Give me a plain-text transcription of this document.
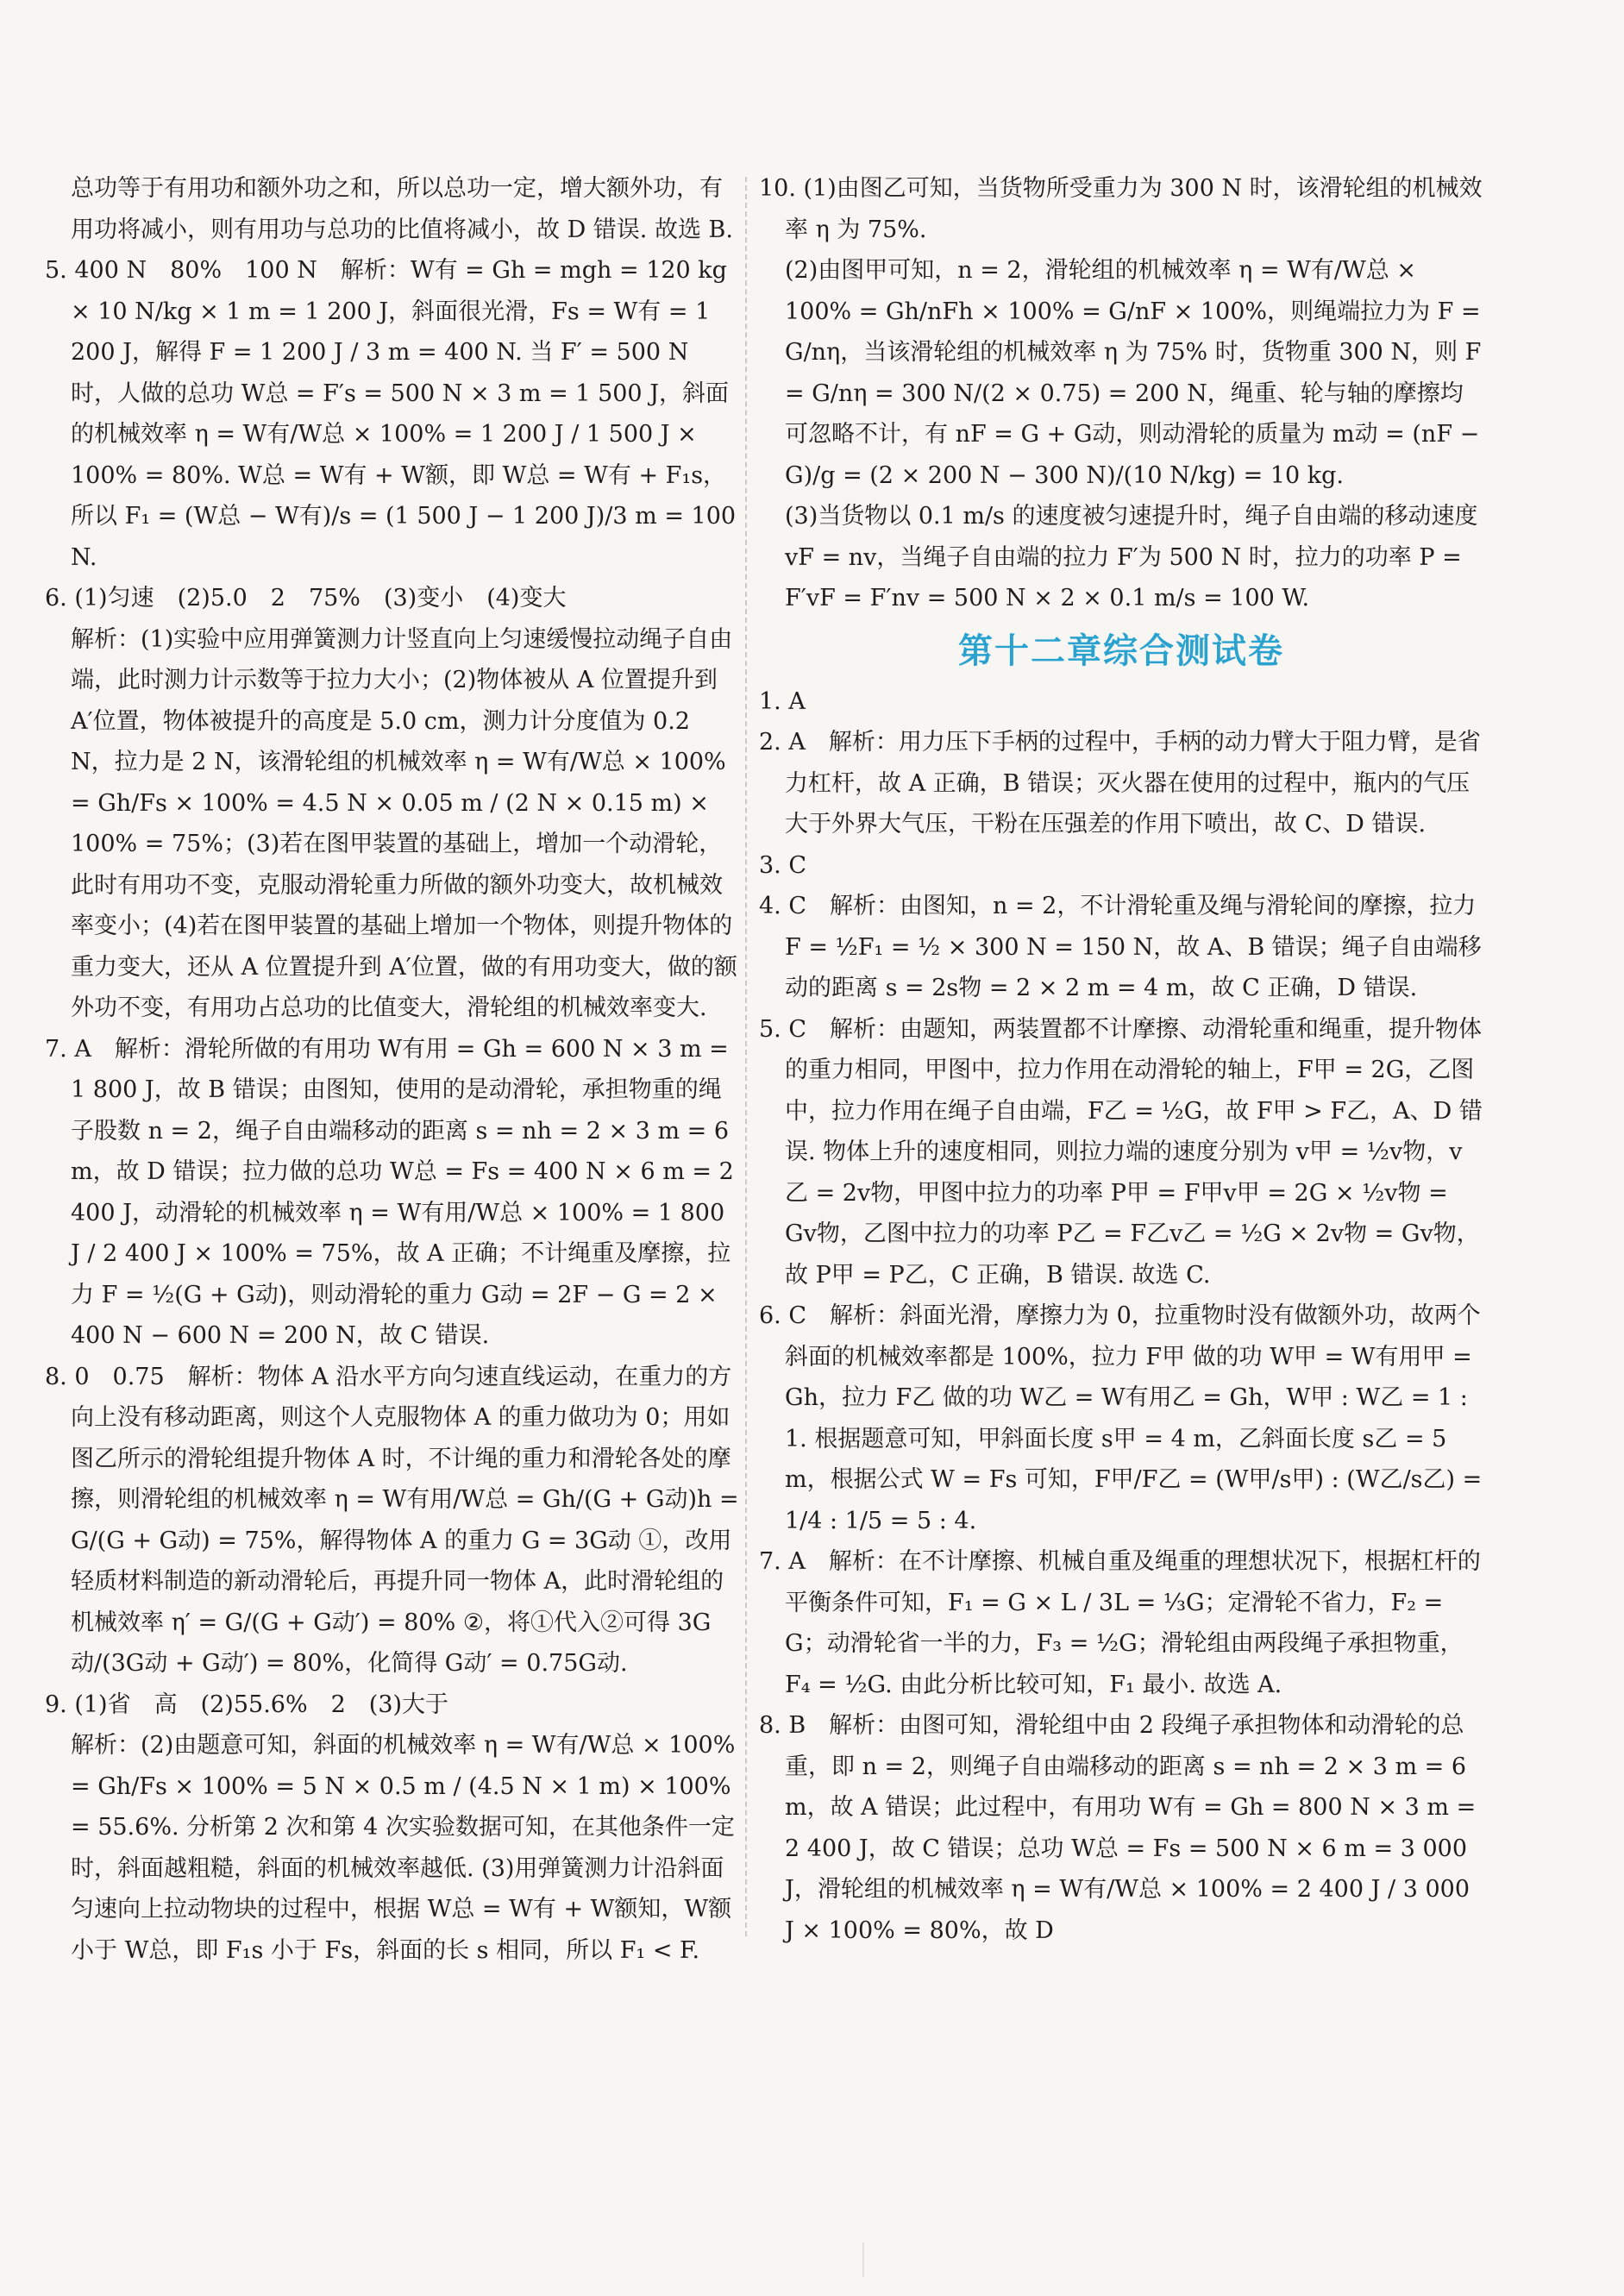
总功等于有用功和额外功之和，所以总功一定，增大额外功，有用功将减小，则有用功与总功的比值将减小，故 D 错误. 故选 B.

5. 400 N　80%　100 N　解析：W有 = Gh = mgh = 120 kg × 10 N/kg × 1 m = 1 200 J，斜面很光滑，Fs = W有 = 1 200 J，解得 F = 1 200 J / 3 m = 400 N. 当 F′ = 500 N 时，人做的总功 W总 = F′s = 500 N × 3 m = 1 500 J，斜面的机械效率 η = W有/W总 × 100% = 1 200 J / 1 500 J × 100% = 80%. W总 = W有 + W额，即 W总 = W有 + F₁s，所以 F₁ = (W总 − W有)/s = (1 500 J − 1 200 J)/3 m = 100 N.

6. (1)匀速　(2)5.0　2　75%　(3)变小　(4)变大

解析：(1)实验中应用弹簧测力计竖直向上匀速缓慢拉动绳子自由端，此时测力计示数等于拉力大小；(2)物体被从 A 位置提升到 A′位置，物体被提升的高度是 5.0 cm，测力计分度值为 0.2 N，拉力是 2 N，该滑轮组的机械效率 η = W有/W总 × 100% = Gh/Fs × 100% = 4.5 N × 0.05 m / (2 N × 0.15 m) × 100% = 75%；(3)若在图甲装置的基础上，增加一个动滑轮，此时有用功不变，克服动滑轮重力所做的额外功变大，故机械效率变小；(4)若在图甲装置的基础上增加一个物体，则提升物体的重力变大，还从 A 位置提升到 A′位置，做的有用功变大，做的额外功不变，有用功占总功的比值变大，滑轮组的机械效率变大.

7. A　解析：滑轮所做的有用功 W有用 = Gh = 600 N × 3 m = 1 800 J，故 B 错误；由图知，使用的是动滑轮，承担物重的绳子股数 n = 2，绳子自由端移动的距离 s = nh = 2 × 3 m = 6 m，故 D 错误；拉力做的总功 W总 = Fs = 400 N × 6 m = 2 400 J，动滑轮的机械效率 η = W有用/W总 × 100% = 1 800 J / 2 400 J × 100% = 75%，故 A 正确；不计绳重及摩擦，拉力 F = ½(G + G动)，则动滑轮的重力 G动 = 2F − G = 2 × 400 N − 600 N = 200 N，故 C 错误.

8. 0　0.75　解析：物体 A 沿水平方向匀速直线运动，在重力的方向上没有移动距离，则这个人克服物体 A 的重力做功为 0；用如图乙所示的滑轮组提升物体 A 时，不计绳的重力和滑轮各处的摩擦，则滑轮组的机械效率 η = W有用/W总 = Gh/(G + G动)h = G/(G + G动) = 75%，解得物体 A 的重力 G = 3G动 ①，改用轻质材料制造的新动滑轮后，再提升同一物体 A，此时滑轮组的机械效率 η′ = G/(G + G动′) = 80% ②，将①代入②可得 3G动/(3G动 + G动′) = 80%，化简得 G动′ = 0.75G动.

9. (1)省　高　(2)55.6%　2　(3)大于

解析：(2)由题意可知，斜面的机械效率 η = W有/W总 × 100% = Gh/Fs × 100% = 5 N × 0.5 m / (4.5 N × 1 m) × 100% = 55.6%. 分析第 2 次和第 4 次实验数据可知，在其他条件一定时，斜面越粗糙，斜面的机械效率越低. (3)用弹簧测力计沿斜面匀速向上拉动物块的过程中，根据 W总 = W有 + W额知，W额小于 W总，即 F₁s 小于 Fs，斜面的长 s 相同，所以 F₁ < F.

10. (1)由图乙可知，当货物所受重力为 300 N 时，该滑轮组的机械效率 η 为 75%.

(2)由图甲可知，n = 2，滑轮组的机械效率 η = W有/W总 × 100% = Gh/nFh × 100% = G/nF × 100%，则绳端拉力为 F = G/nη，当该滑轮组的机械效率 η 为 75% 时，货物重 300 N，则 F = G/nη = 300 N/(2 × 0.75) = 200 N，绳重、轮与轴的摩擦均可忽略不计，有 nF = G + G动，则动滑轮的质量为 m动 = (nF − G)/g = (2 × 200 N − 300 N)/(10 N/kg) = 10 kg.

(3)当货物以 0.1 m/s 的速度被匀速提升时，绳子自由端的移动速度 vF = nv，当绳子自由端的拉力 F′为 500 N 时，拉力的功率 P = F′vF = F′nv = 500 N × 2 × 0.1 m/s = 100 W.

第十二章综合测试卷

1. A

2. A　解析：用力压下手柄的过程中，手柄的动力臂大于阻力臂，是省力杠杆，故 A 正确，B 错误；灭火器在使用的过程中，瓶内的气压大于外界大气压，干粉在压强差的作用下喷出，故 C、D 错误.

3. C

4. C　解析：由图知，n = 2，不计滑轮重及绳与滑轮间的摩擦，拉力 F = ½F₁ = ½ × 300 N = 150 N，故 A、B 错误；绳子自由端移动的距离 s = 2s物 = 2 × 2 m = 4 m，故 C 正确，D 错误.

5. C　解析：由题知，两装置都不计摩擦、动滑轮重和绳重，提升物体的重力相同，甲图中，拉力作用在动滑轮的轴上，F甲 = 2G，乙图中，拉力作用在绳子自由端，F乙 = ½G，故 F甲 > F乙，A、D 错误. 物体上升的速度相同，则拉力端的速度分别为 v甲 = ½v物，v乙 = 2v物，甲图中拉力的功率 P甲 = F甲v甲 = 2G × ½v物 = Gv物，乙图中拉力的功率 P乙 = F乙v乙 = ½G × 2v物 = Gv物，故 P甲 = P乙，C 正确，B 错误. 故选 C.

6. C　解析：斜面光滑，摩擦力为 0，拉重物时没有做额外功，故两个斜面的机械效率都是 100%，拉力 F甲 做的功 W甲 = W有用甲 = Gh，拉力 F乙 做的功 W乙 = W有用乙 = Gh，W甲 : W乙 = 1 : 1. 根据题意可知，甲斜面长度 s甲 = 4 m，乙斜面长度 s乙 = 5 m，根据公式 W = Fs 可知，F甲/F乙 = (W甲/s甲) : (W乙/s乙) = 1/4 : 1/5 = 5 : 4.

7. A　解析：在不计摩擦、机械自重及绳重的理想状况下，根据杠杆的平衡条件可知，F₁ = G × L / 3L = ⅓G；定滑轮不省力，F₂ = G；动滑轮省一半的力，F₃ = ½G；滑轮组由两段绳子承担物重，F₄ = ½G. 由此分析比较可知，F₁ 最小. 故选 A.

8. B　解析：由图可知，滑轮组中由 2 段绳子承担物体和动滑轮的总重，即 n = 2，则绳子自由端移动的距离 s = nh = 2 × 3 m = 6 m，故 A 错误；此过程中，有用功 W有 = Gh = 800 N × 3 m = 2 400 J，故 C 错误；总功 W总 = Fs = 500 N × 6 m = 3 000 J，滑轮组的机械效率 η = W有/W总 × 100% = 2 400 J / 3 000 J × 100% = 80%，故 D
